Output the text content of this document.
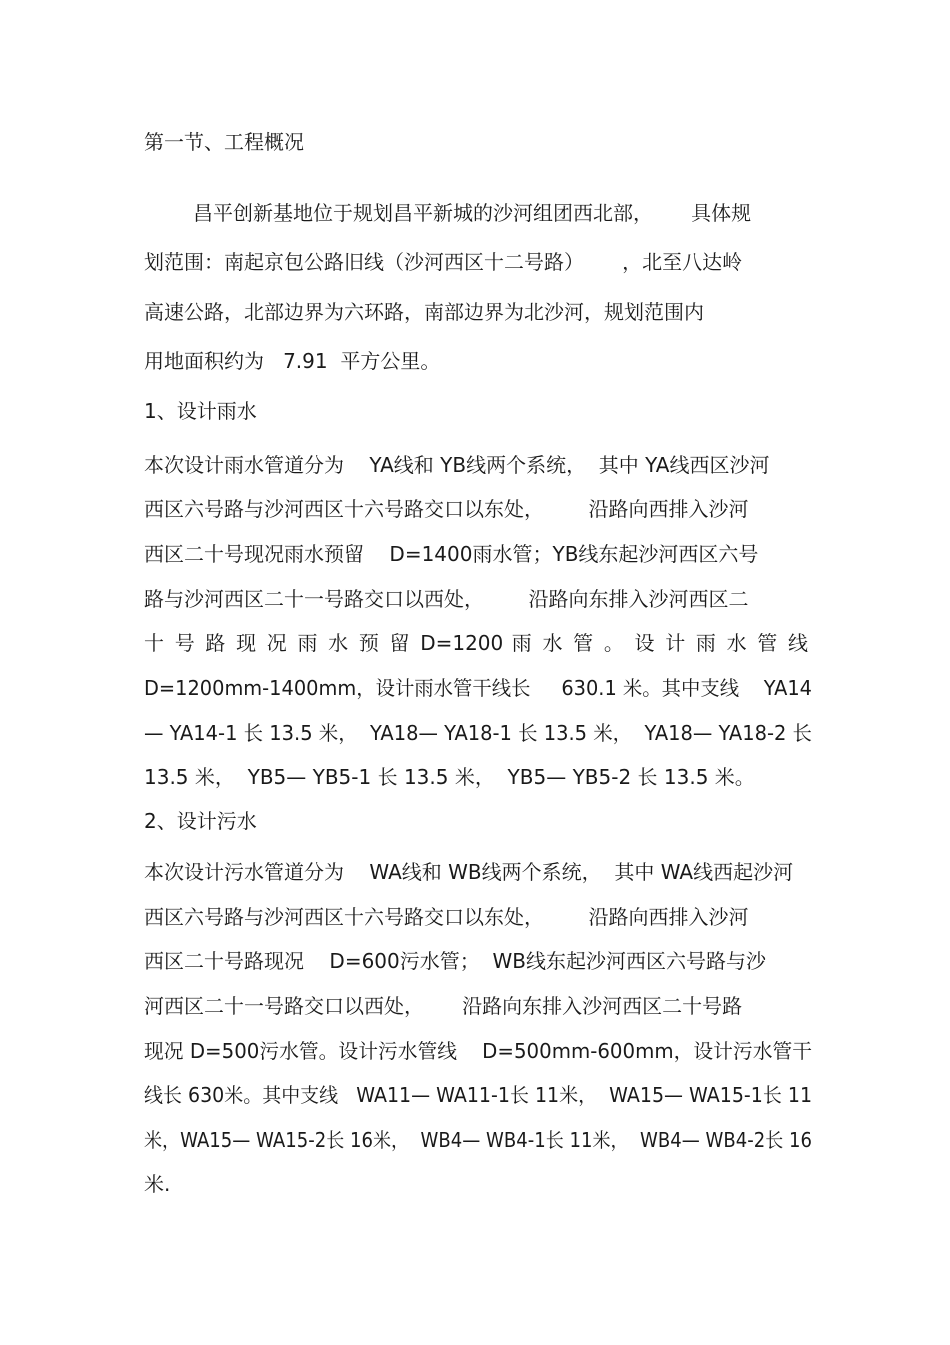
第一节、工程概况
昌平创新基地位于规划昌平新城的沙河组团西北部，      具体规
划范围：南起京包公路旧线（沙河西区十二号路）      ，北至八达岭
高速公路，北部边界为六环路，南部边界为北沙河，规划范围内
用地面积约为   7.91  平方公里。
1、设计雨水
本次设计雨水管道分为    YA线和 YB线两个系统，  其中 YA线西区沙河
西区六号路与沙河西区十六号路交口以东处，       沿路向西排入沙河
西区二十号现况雨水预留    D=1400雨水管；YB线东起沙河西区六号
路与沙河西区二十一号路交口以西处，       沿路向东排入沙河西区二
十 号 路 现 况 雨 水 预 留 D=1200 雨 水 管 。 设 计 雨 水 管 线
D=1200mm-1400mm，设计雨水管干线长     630.1 米。其中支线    YA14
— YA14-1 长 13.5 米，  YA18— YA18-1 长 13.5 米，  YA18— YA18-2 长
13.5 米，  YB5— YB5-1 长 13.5 米，  YB5— YB5-2 长 13.5 米。
2、设计污水
本次设计污水管道分为    WA线和 WB线两个系统，  其中 WA线西起沙河
西区六号路与沙河西区十六号路交口以东处，       沿路向西排入沙河
西区二十号路现况    D=600污水管；  WB线东起沙河西区六号路与沙
河西区二十一号路交口以西处，      沿路向东排入沙河西区二十号路
现况 D=500污水管。设计污水管线    D=500mm-600mm，设计污水管干
线长 630米。其中支线   WA11— WA11-1长 11米，  WA15— WA15-1长 11
米，WA15— WA15-2长 16米，  WB4— WB4-1长 11米，  WB4— WB4-2长 16
米.
